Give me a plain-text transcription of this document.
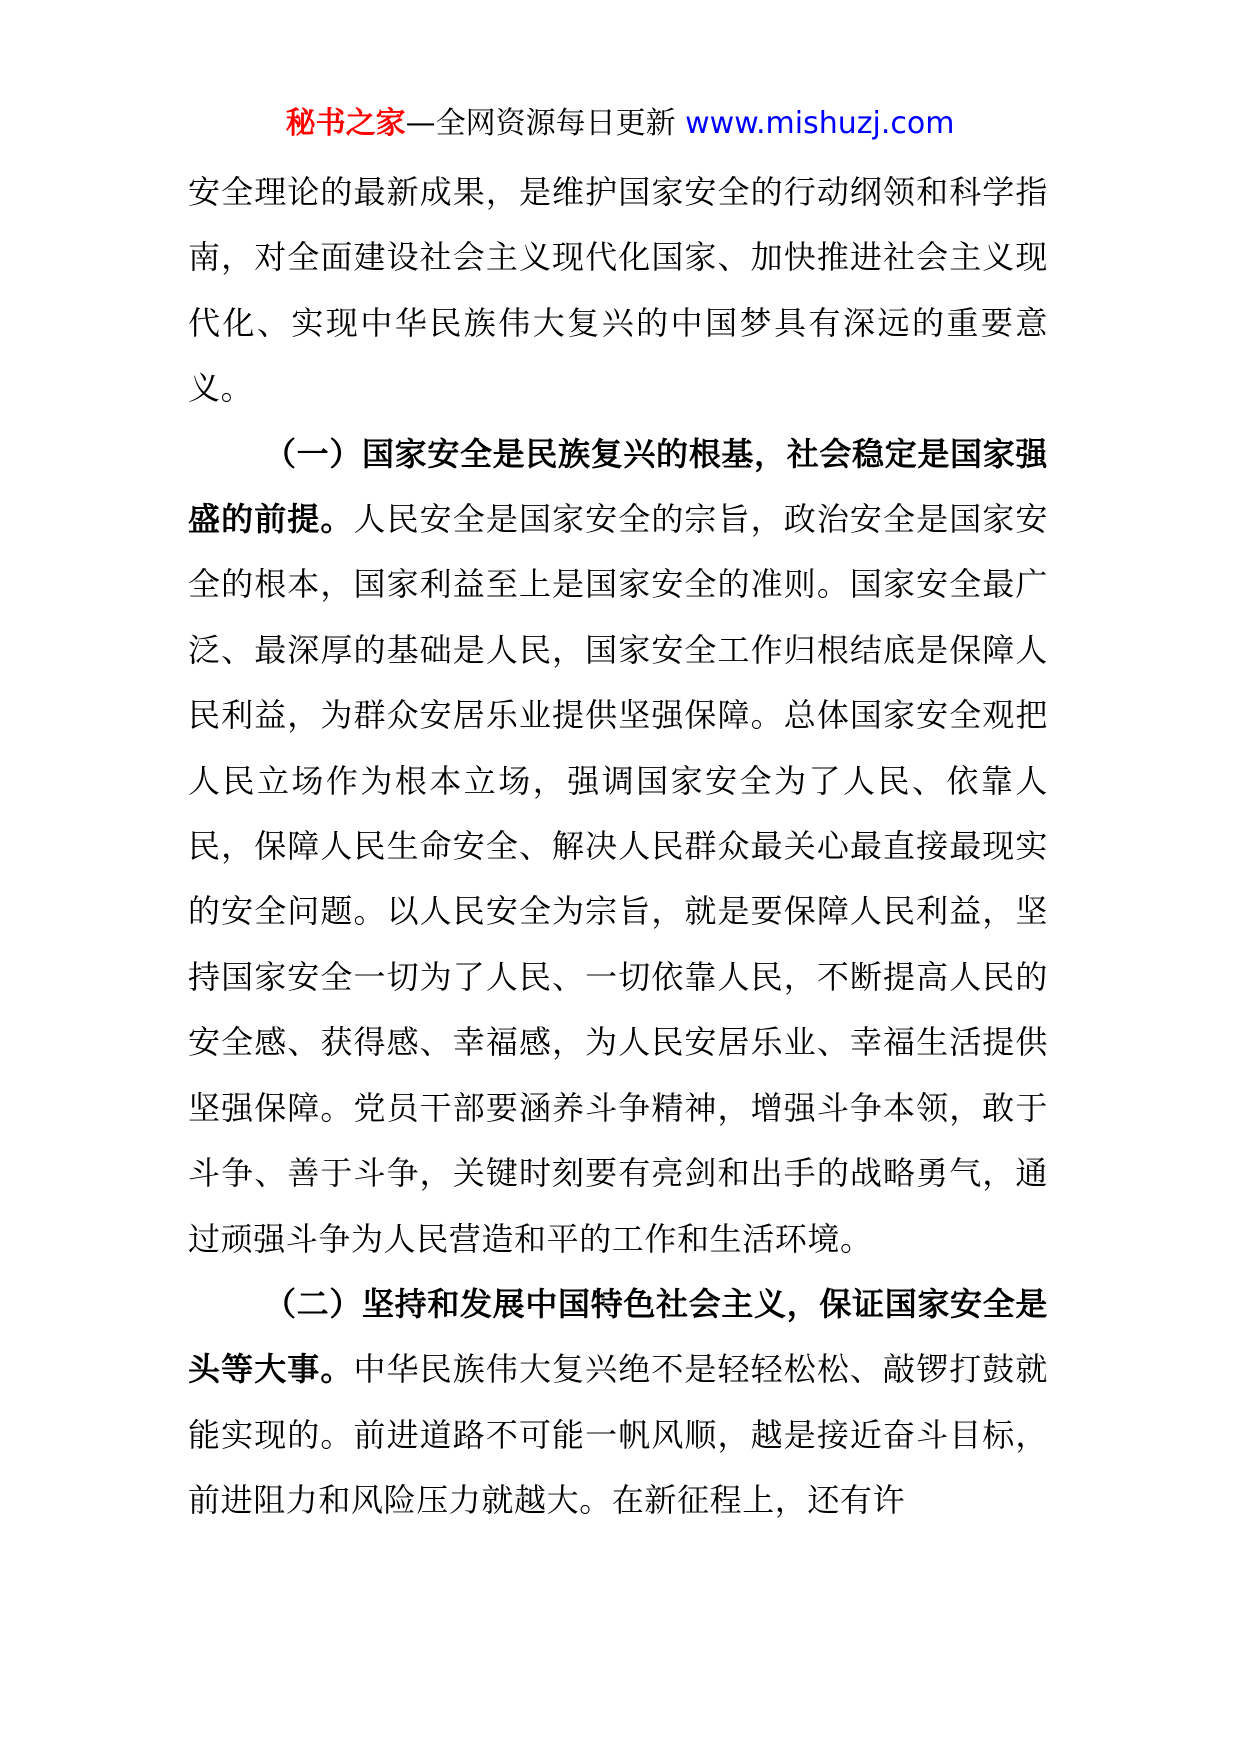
秘书之家—全网资源每日更新 www.mishuzj.com

安全理论的最新成果，是维护国家安全的行动纲领和科学指南，对全面建设社会主义现代化国家、加快推进社会主义现代化、实现中华民族伟大复兴的中国梦具有深远的重要意义。

（一）国家安全是民族复兴的根基，社会稳定是国家强盛的前提。人民安全是国家安全的宗旨，政治安全是国家安全的根本，国家利益至上是国家安全的准则。国家安全最广泛、最深厚的基础是人民，国家安全工作归根结底是保障人民利益，为群众安居乐业提供坚强保障。总体国家安全观把人民立场作为根本立场，强调国家安全为了人民、依靠人民，保障人民生命安全、解决人民群众最关心最直接最现实的安全问题。以人民安全为宗旨，就是要保障人民利益，坚持国家安全一切为了人民、一切依靠人民，不断提高人民的安全感、获得感、幸福感，为人民安居乐业、幸福生活提供坚强保障。党员干部要涵养斗争精神，增强斗争本领，敢于斗争、善于斗争，关键时刻要有亮剑和出手的战略勇气，通过顽强斗争为人民营造和平的工作和生活环境。

（二）坚持和发展中国特色社会主义，保证国家安全是头等大事。中华民族伟大复兴绝不是轻轻松松、敲锣打鼓就能实现的。前进道路不可能一帆风顺，越是接近奋斗目标，前进阻力和风险压力就越大。在新征程上，还有许
